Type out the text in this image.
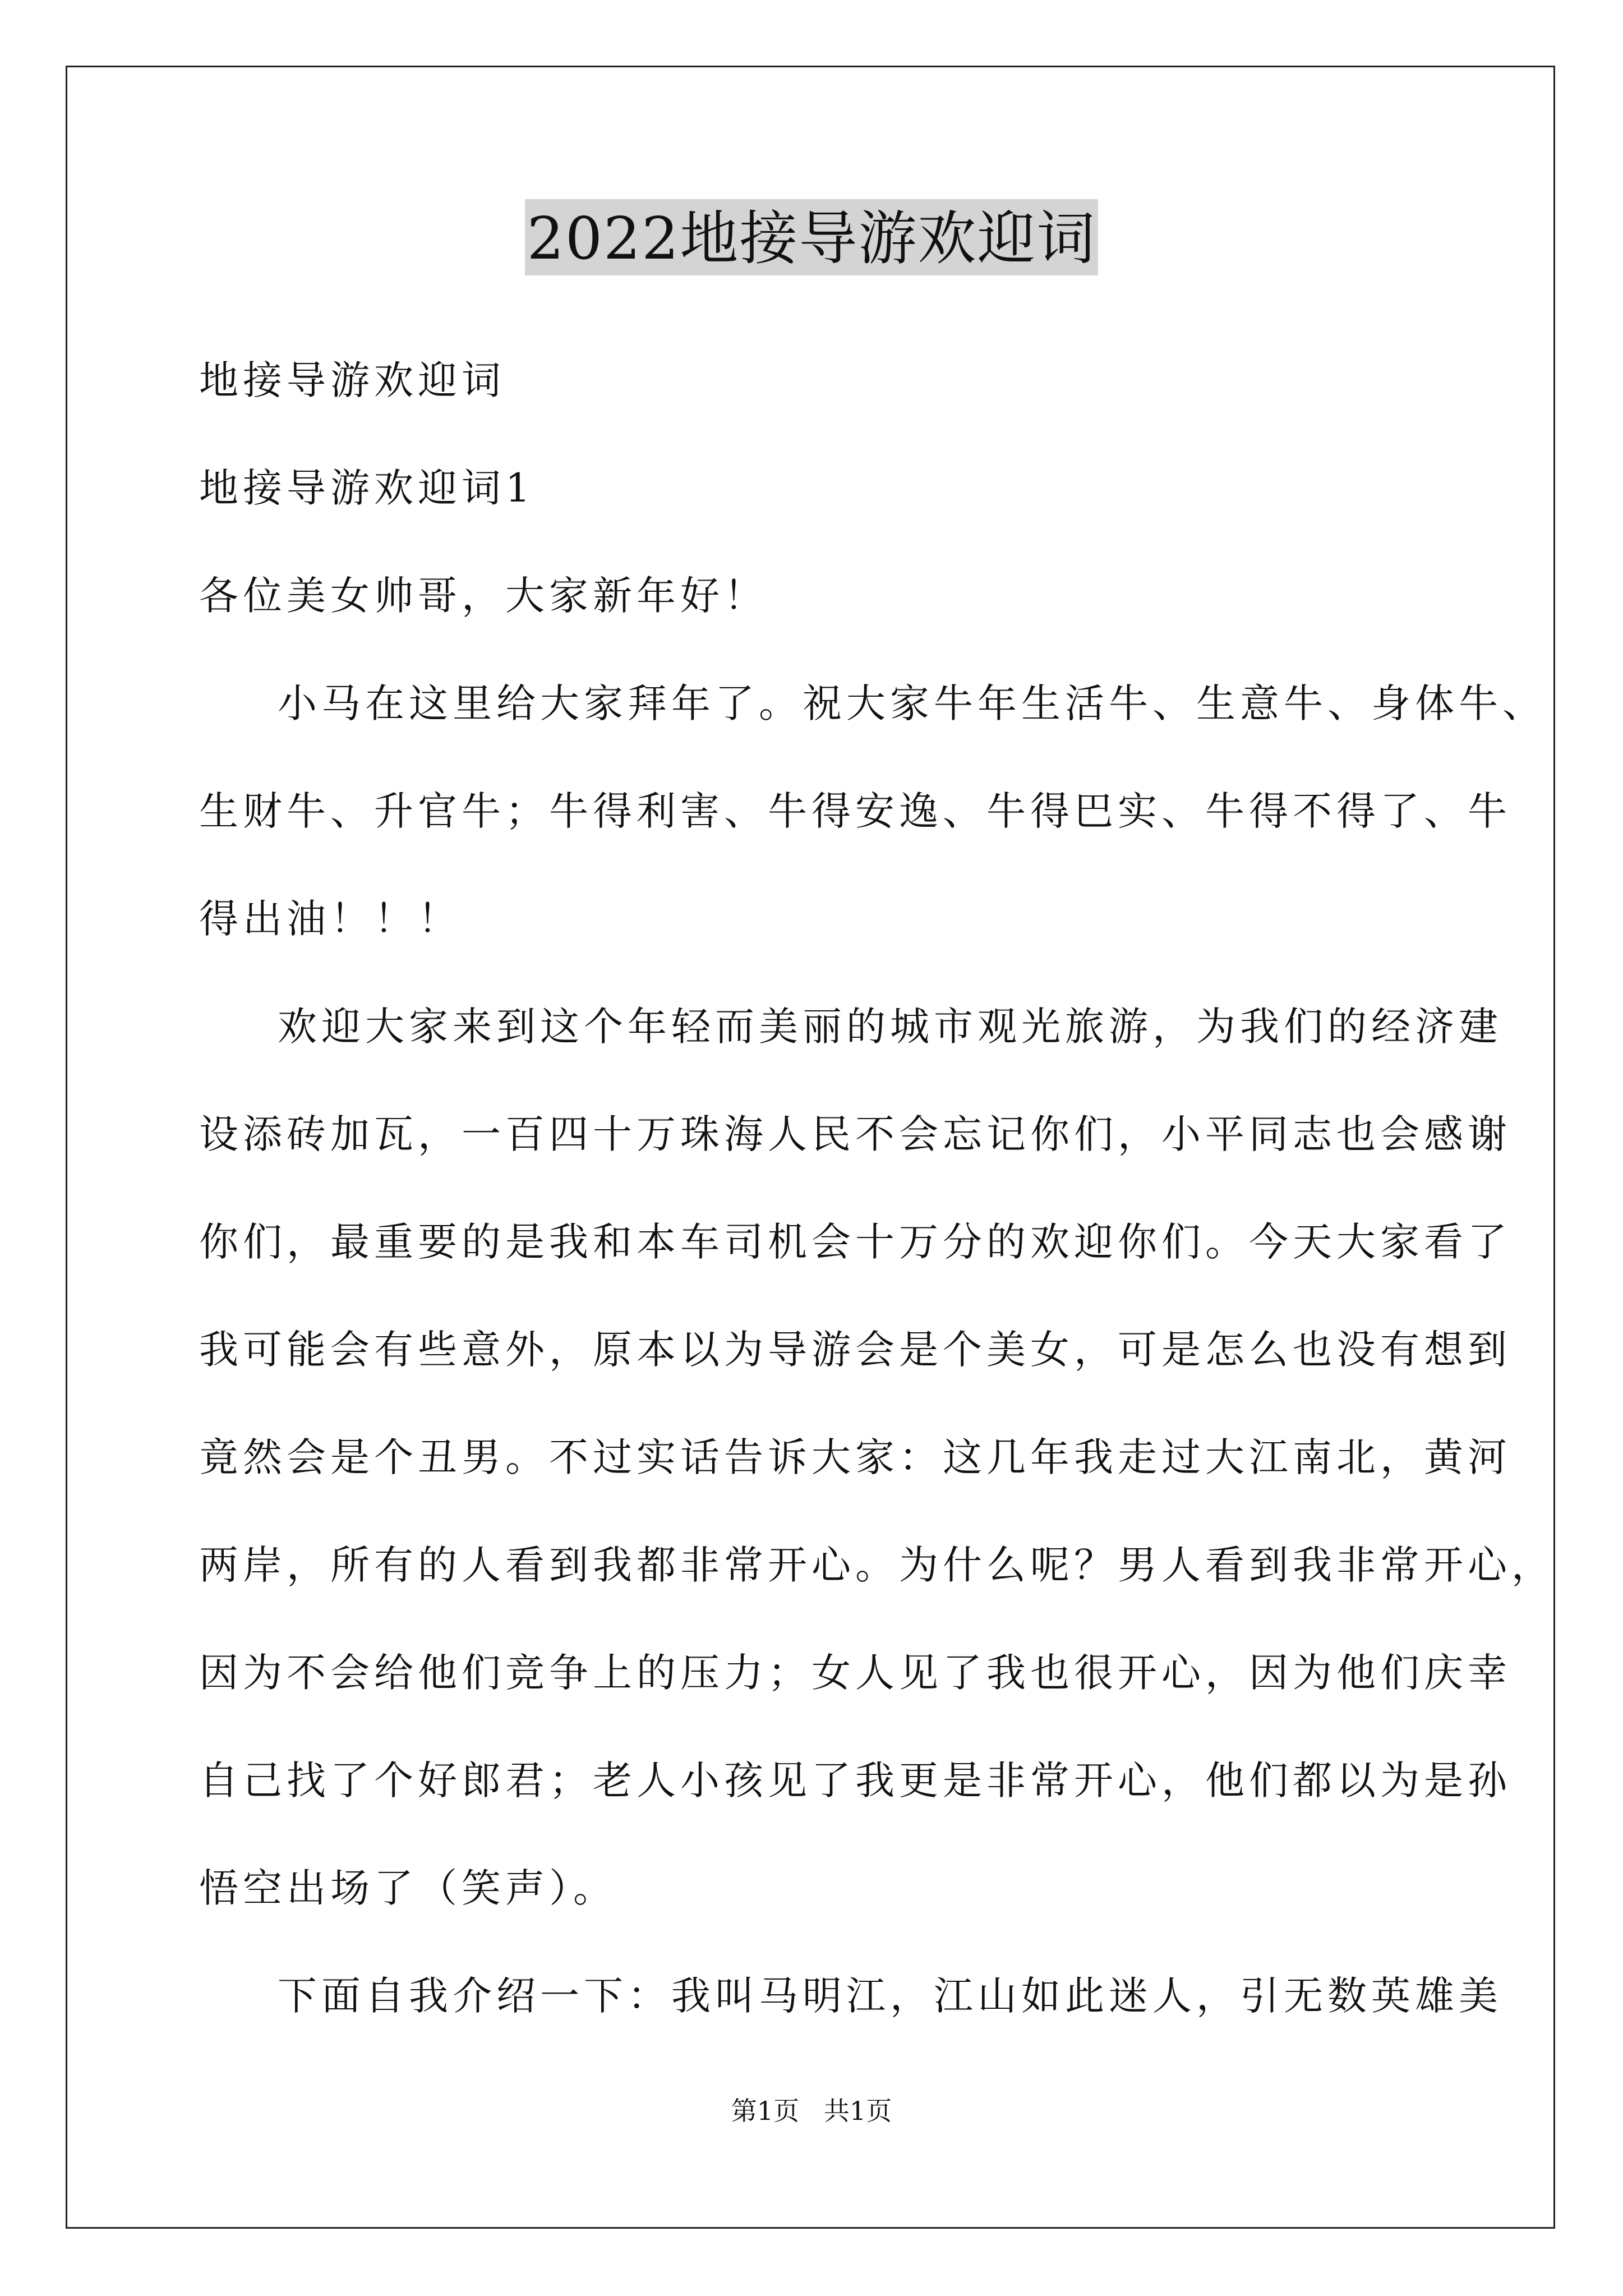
2022地接导游欢迎词
地接导游欢迎词
地接导游欢迎词1
各位美女帅哥，大家新年好！
小马在这里给大家拜年了。祝大家牛年生活牛、生意牛、身体牛、
生财牛、升官牛；牛得利害、牛得安逸、牛得巴实、牛得不得了、牛
得出油！！！
欢迎大家来到这个年轻而美丽的城市观光旅游，为我们的经济建
设添砖加瓦，一百四十万珠海人民不会忘记你们，小平同志也会感谢
你们，最重要的是我和本车司机会十万分的欢迎你们。今天大家看了
我可能会有些意外，原本以为导游会是个美女，可是怎么也没有想到
竟然会是个丑男。不过实话告诉大家：这几年我走过大江南北，黄河
两岸，所有的人看到我都非常开心。为什么呢？男人看到我非常开心，
因为不会给他们竞争上的压力；女人见了我也很开心，因为他们庆幸
自己找了个好郎君；老人小孩见了我更是非常开心，他们都以为是孙
悟空出场了（笑声）。
下面自我介绍一下：我叫马明江，江山如此迷人，引无数英雄美
第1页   共1页
